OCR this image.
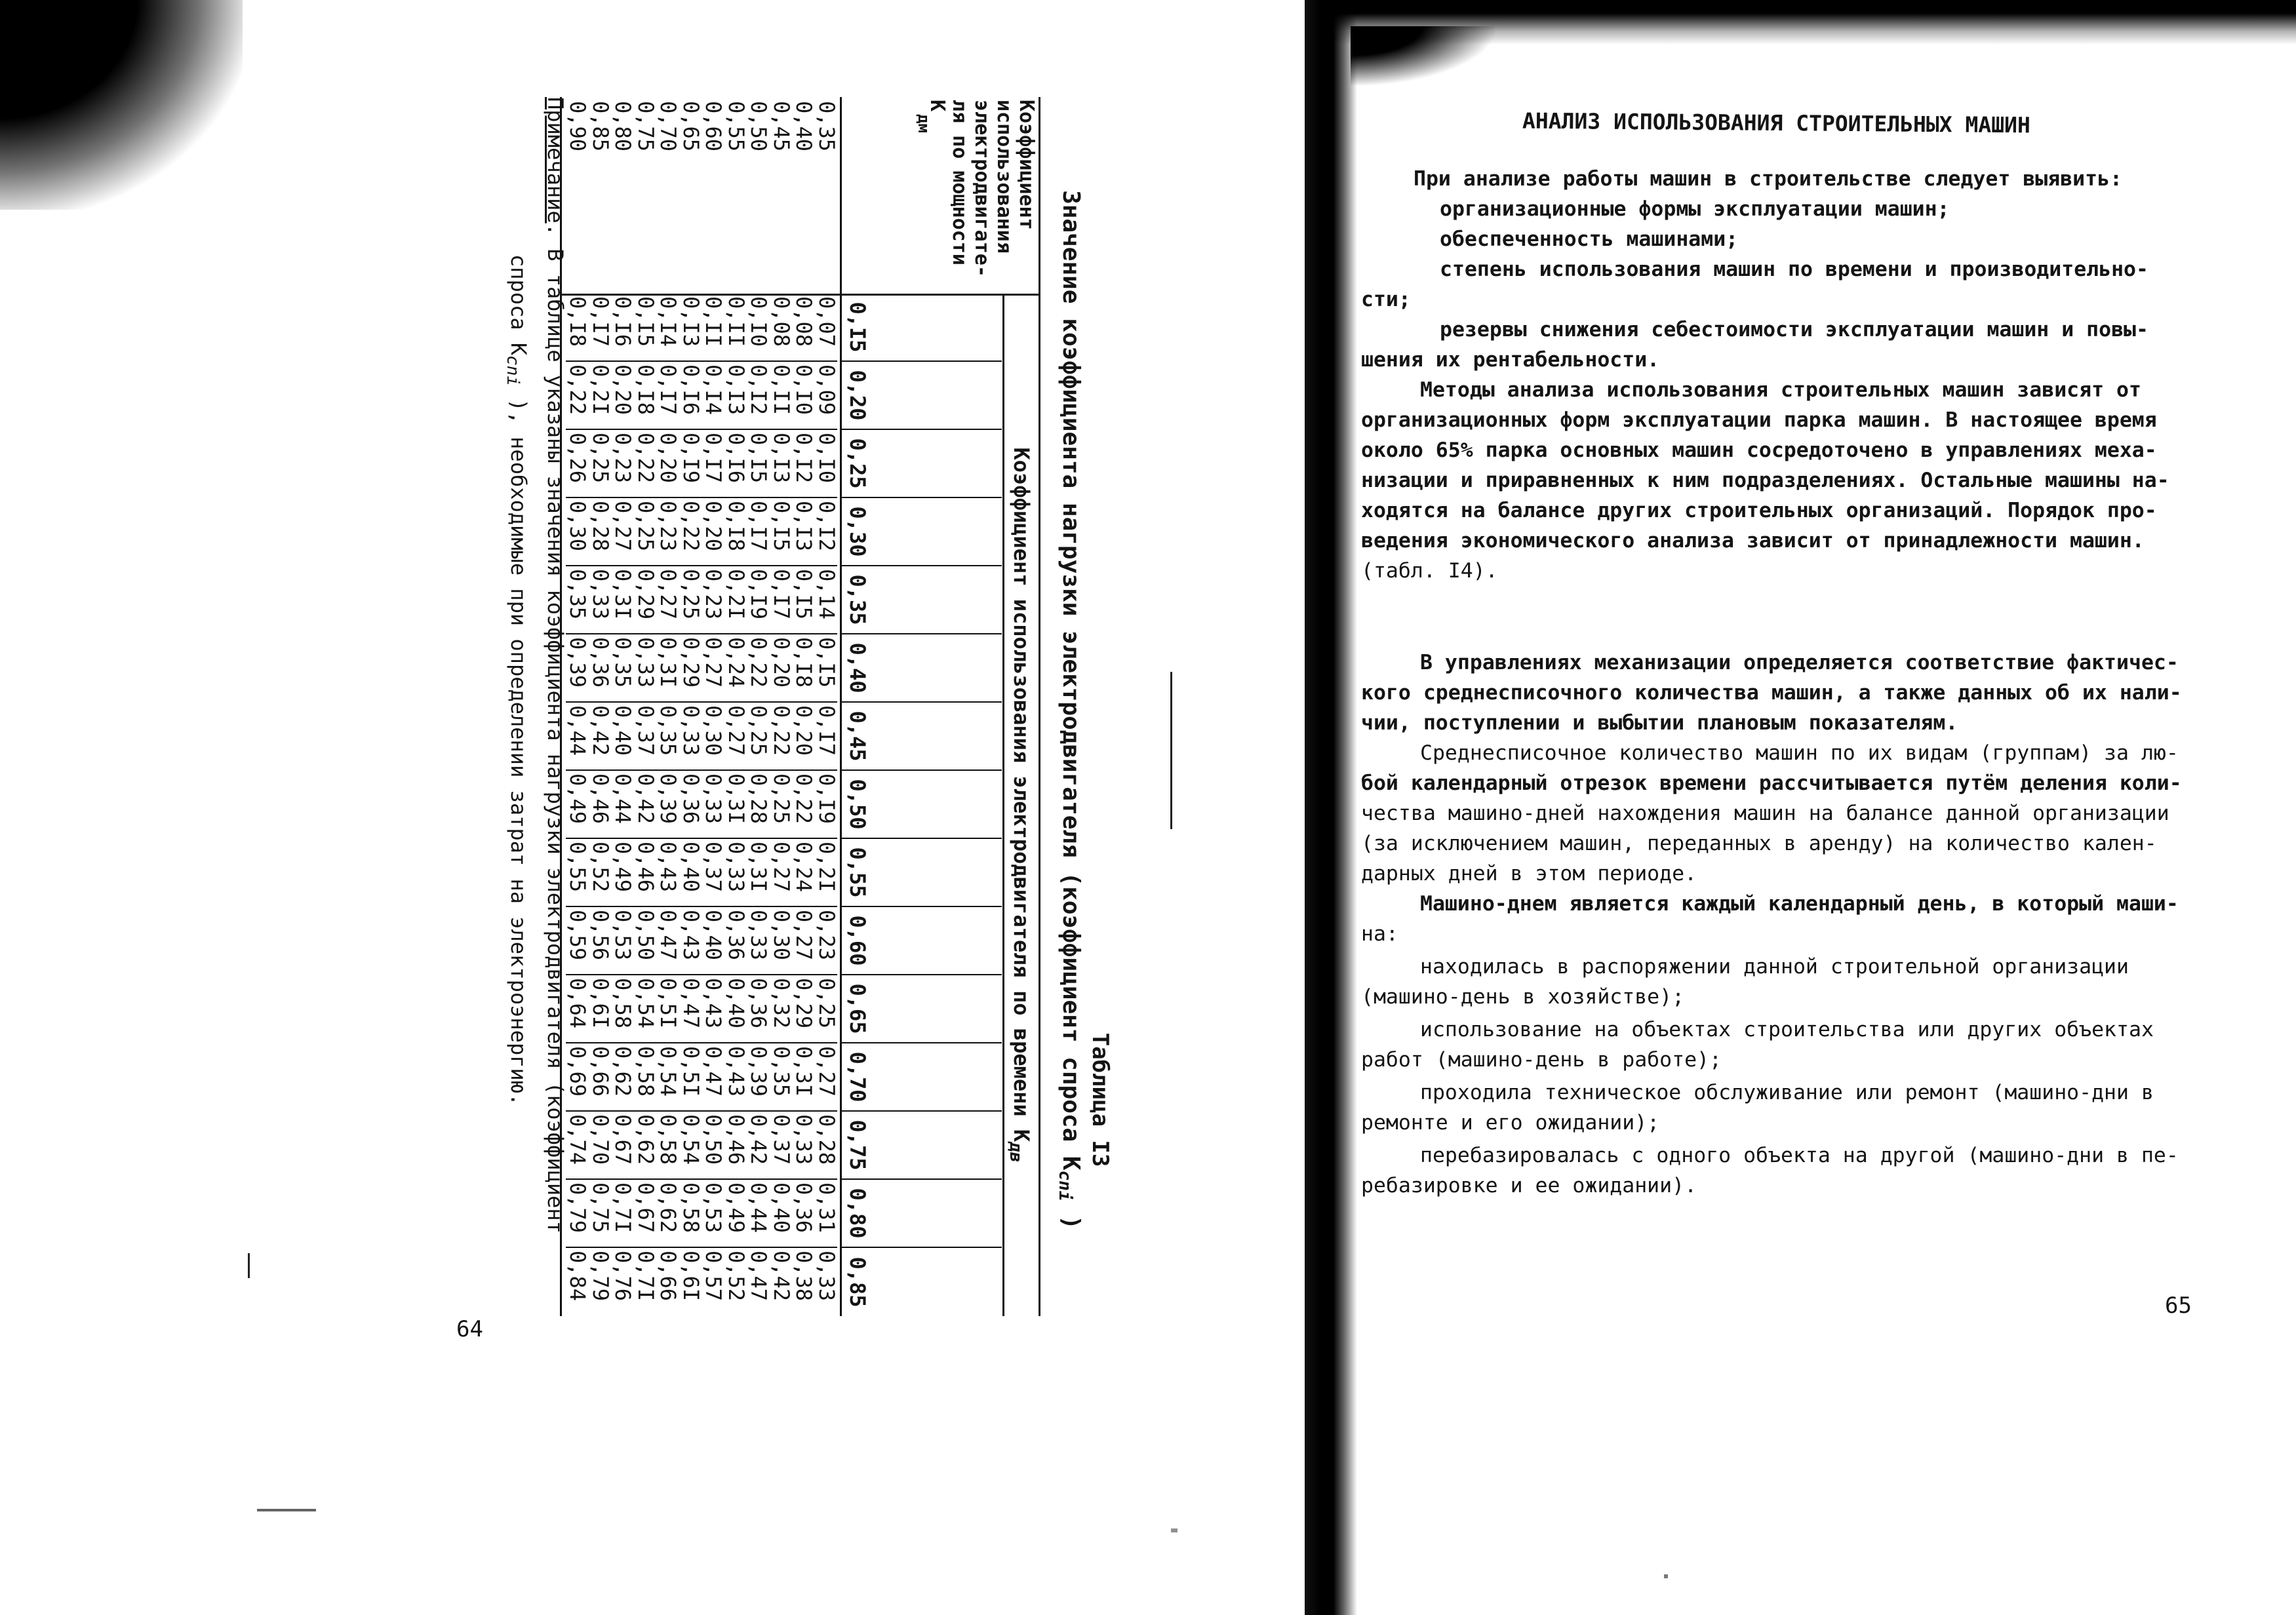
Таблица I3
Значение коэффициента нагрузки электродвигателя (коэффициент спроса Кcni )
Коэффициент
использования
электродвигате-
ля по мощности
К
дм
Коэффициент использования электродвигателя по времени Кдв
0,I5
0,20
0,25
0,30
0,35
0,40
0,45
0,50
0,55
0,60
0,65
0,70
0,75
0,80
0,85
0,35
0,07
0,09
0,I0
0,I2
0,14
0,I5
0,I7
0,I9
0,2I
0,23
0,25
0,27
0,28
0,31
0,33
0,40
0,08
0,I0
0,I2
0,I3
0,I5
0,I8
0,20
0,22
0,24
0,27
0,29
0,3I
0,33
0,36
0,38
0,45
0,08
0,II
0,I3
0,I5
0,I7
0,20
0,22
0,25
0,27
0,30
0,32
0,35
0,37
0,40
0,42
0,50
0,I0
0,I2
0,I5
0,I7
0,I9
0,22
0,25
0,28
0,3I
0,33
0,36
0,39
0,42
0,44
0,47
0,55
0,II
0,I3
0,I6
0,I8
0,2I
0,24
0,27
0,3I
0,33
0,36
0,40
0,43
0,46
0,49
0,52
0,60
0,II
0,I4
0,I7
0,20
0,23
0,27
0,30
0,33
0,37
0,40
0,43
0,47
0,50
0,53
0,57
0,65
0,I3
0,I6
0,I9
0,22
0,25
0,29
0,33
0,36
0,40
0,43
0,47
0,5I
0,54
0,58
0,6I
0,70
0,I4
0,I7
0,20
0,23
0,27
0,3I
0,35
0,39
0,43
0,47
0,5I
0,54
0,58
0,62
0,66
0,75
0,I5
0,I8
0,22
0,25
0,29
0,33
0,37
0,42
0,46
0,50
0,54
0,58
0,62
0,67
0,7I
0,80
0,I6
0,20
0,23
0,27
0,3I
0,35
0,40
0,44
0,49
0,53
0,58
0,62
0,67
0,7I
0,76
0,85
0,I7
0,2I
0,25
0,28
0,33
0,36
0,42
0,46
0,52
0,56
0,6I
0,66
0,70
0,75
0,79
0,90
0,I8
0,22
0,26
0,30
0,35
0,39
0,44
0,49
0,55
0,59
0,64
0,69
0,74
0,79
0,84
Примечание. В таблице указаны значения коэффициента нагрузки электродвигателя (коэффициент
спроса Кcni ), необходимые при определении затрат на электроэнергию.
64
АНАЛИЗ ИСПОЛЬЗОВАНИЯ СТРОИТЕЛЬНЫХ МАШИН
При анализе работы машин в строительстве следует выявить:
организационные формы эксплуатации машин;
обеспеченность машинами;
степень использования машин по времени и производительно-
сти;
резервы снижения себестоимости эксплуатации машин и повы-
шения их рентабельности.
Методы анализа использования строительных машин зависят от
организационных форм эксплуатации парка машин. В настоящее время
около 65% парка основных машин сосредоточено в управлениях меха-
низации и приравненных к ним подразделениях. Остальные машины на-
ходятся на балансе других строительных организаций. Порядок про-
ведения экономического анализа зависит от принадлежности машин.
(табл. I4).
В управлениях механизации определяется соответствие фактичес-
кого среднесписочного количества машин, а также данных об их нали-
чии, поступлении и выбытии плановым показателям.
Среднесписочное количество машин по их видам (группам) за лю-
бой календарный отрезок времени рассчитывается путём деления коли-
чества машино-дней нахождения машин на балансе данной организации
(за исключением машин, переданных в аренду) на количество кален-
дарных дней в этом периоде.
Машино-днем является каждый календарный день, в который маши-
на:
находилась в распоряжении данной строительной организации
(машино-день в хозяйстве);
использование на объектах строительства или других объектах
работ (машино-день в работе);
проходила техническое обслуживание или ремонт (машино-дни в
ремонте и его ожидании);
перебазировалась с одного объекта на другой (машино-дни в пе-
ребазировке и ее ожидании).
65
